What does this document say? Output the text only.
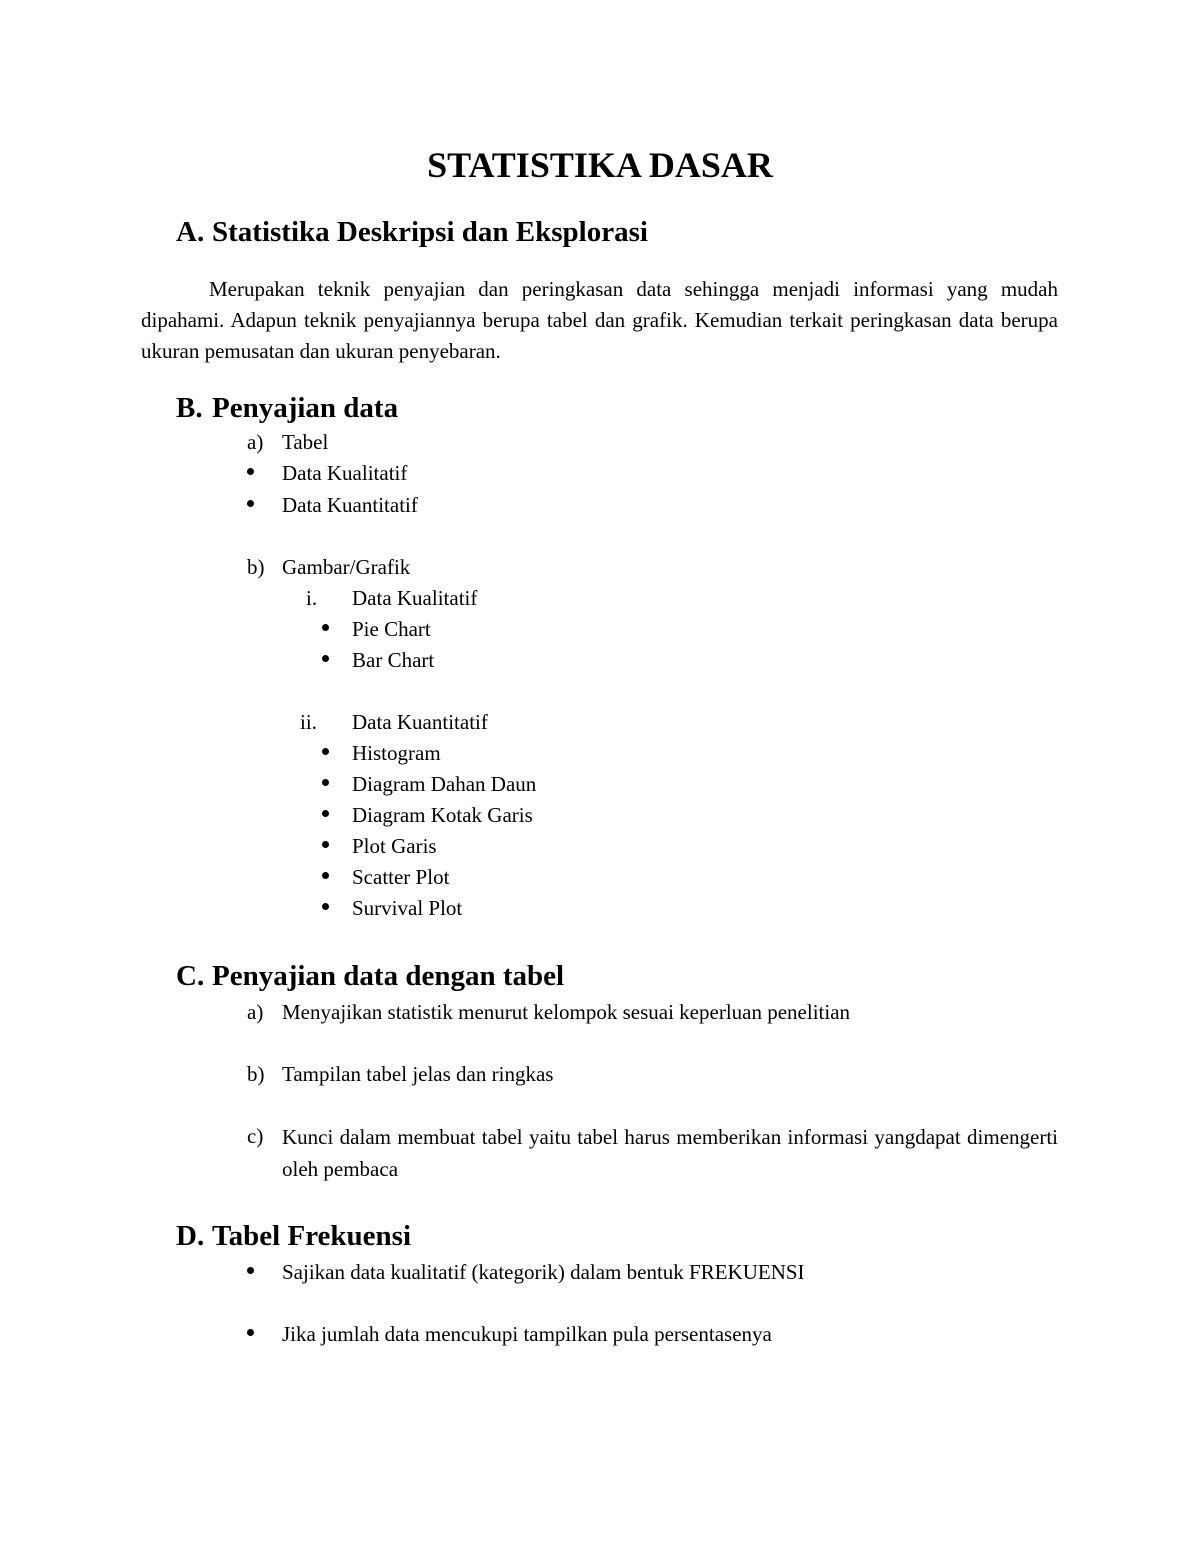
STATISTIKA DASAR
A. Statistika Deskripsi dan Eksplorasi
Merupakan teknik penyajian dan peringkasan data sehingga menjadi informasi yang mudah dipahami. Adapun teknik penyajiannya berupa tabel dan grafik. Kemudian terkait peringkasan data berupa ukuran pemusatan dan ukuran penyebaran.
B. Penyajian data
a) Tabel
Data Kualitatif
Data Kuantitatif
b) Gambar/Grafik
i. Data Kualitatif
Pie Chart
Bar Chart
ii. Data Kuantitatif
Histogram
Diagram Dahan Daun
Diagram Kotak Garis
Plot Garis
Scatter Plot
Survival Plot
C. Penyajian data dengan tabel
a) Menyajikan statistik menurut kelompok sesuai keperluan penelitian
b) Tampilan tabel jelas dan ringkas
c) Kunci dalam membuat tabel yaitu tabel harus memberikan informasi yangdapat dimengerti oleh pembaca
D. Tabel Frekuensi
Sajikan data kualitatif (kategorik) dalam bentuk FREKUENSI
Jika jumlah data mencukupi tampilkan pula persentasenya
